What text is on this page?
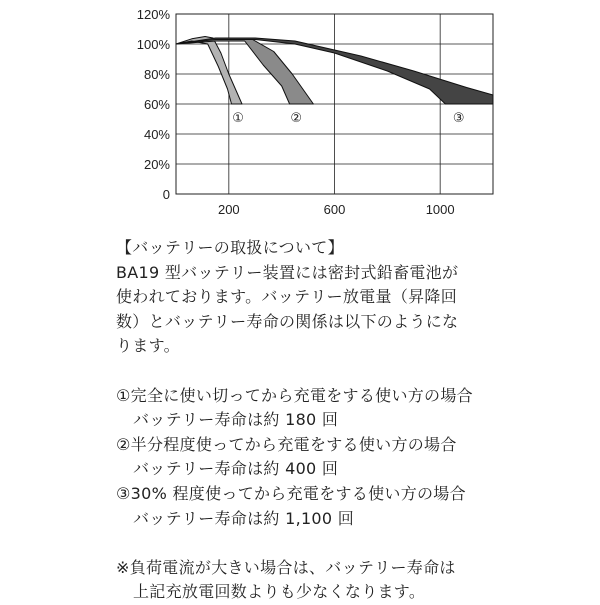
120%
100%
80%
60%
40%
20%
0
200	600	1000
①	②	③
【バッテリーの取扱について】
BA19 型バッテリー装置には密封式鉛畜電池が
使われております。バッテリー放電量（昇降回
数）とバッテリー寿命の関係は以下のようにな
ります。
①完全に使い切ってから充電をする使い方の場合
バッテリー寿命は約 180 回
②半分程度使ってから充電をする使い方の場合
バッテリー寿命は約 400 回
③30% 程度使ってから充電をする使い方の場合
バッテリー寿命は約 1,100 回
※負荷電流が大きい場合は、バッテリー寿命は
上記充放電回数よりも少なくなります。
